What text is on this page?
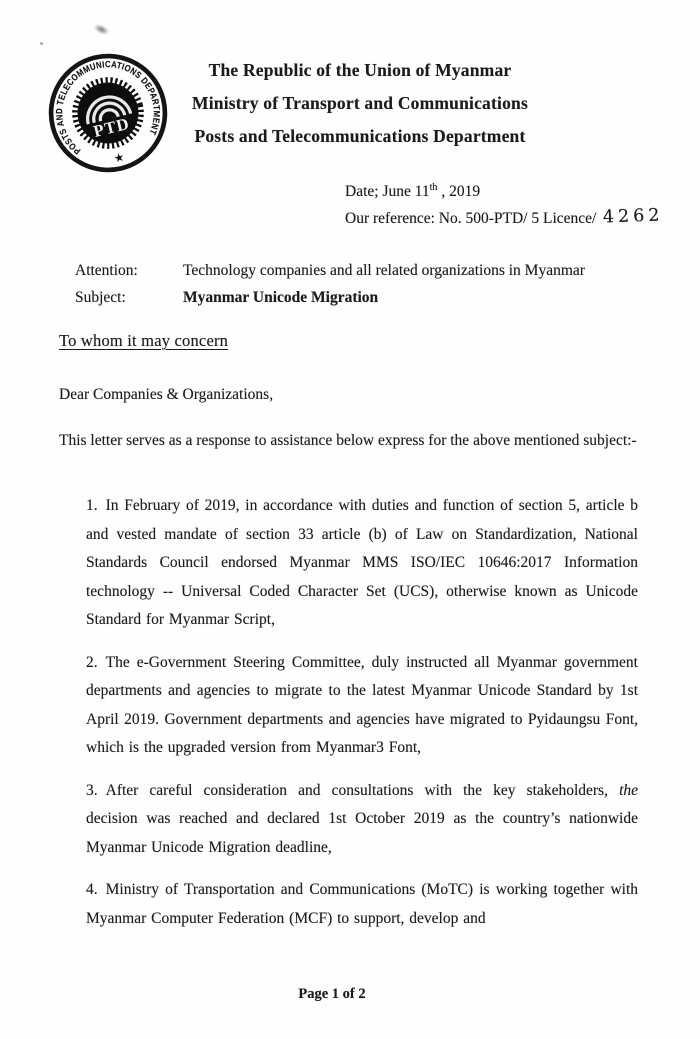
POSTS AND TELECOMMUNICATIONS DEPARTMENT
★
PTD
The Republic of the Union of Myanmar
Ministry of Transport and Communications
Posts and Telecommunications Department
Date; June 11th , 2019
Our reference: No. 500-PTD/ 5 Licence/ 4262
Attention:	Technology companies and all related organizations in Myanmar
Subject:	Myanmar Unicode Migration
To whom it may concern
Dear Companies & Organizations,

This letter serves as a response to assistance below express for the above mentioned subject:-

1. In February of 2019, in accordance with duties and function of section 5, article b and vested mandate of section 33 article (b) of Law on Standardization, National Standards Council endorsed Myanmar MMS ISO/IEC 10646:2017 Information technology -- Universal Coded Character Set (UCS), otherwise known as Unicode Standard for Myanmar Script,

2. The e-Government Steering Committee, duly instructed all Myanmar government departments and agencies to migrate to the latest Myanmar Unicode Standard by 1st April 2019. Government departments and agencies have migrated to Pyidaungsu Font, which is the upgraded version from Myanmar3 Font,

3. After careful consideration and consultations with the key stakeholders, the decision was reached and declared 1st October 2019 as the country’s nationwide Myanmar Unicode Migration deadline,

4. Ministry of Transportation and Communications (MoTC) is working together with Myanmar Computer Federation (MCF) to support, develop and

Page 1 of 2
